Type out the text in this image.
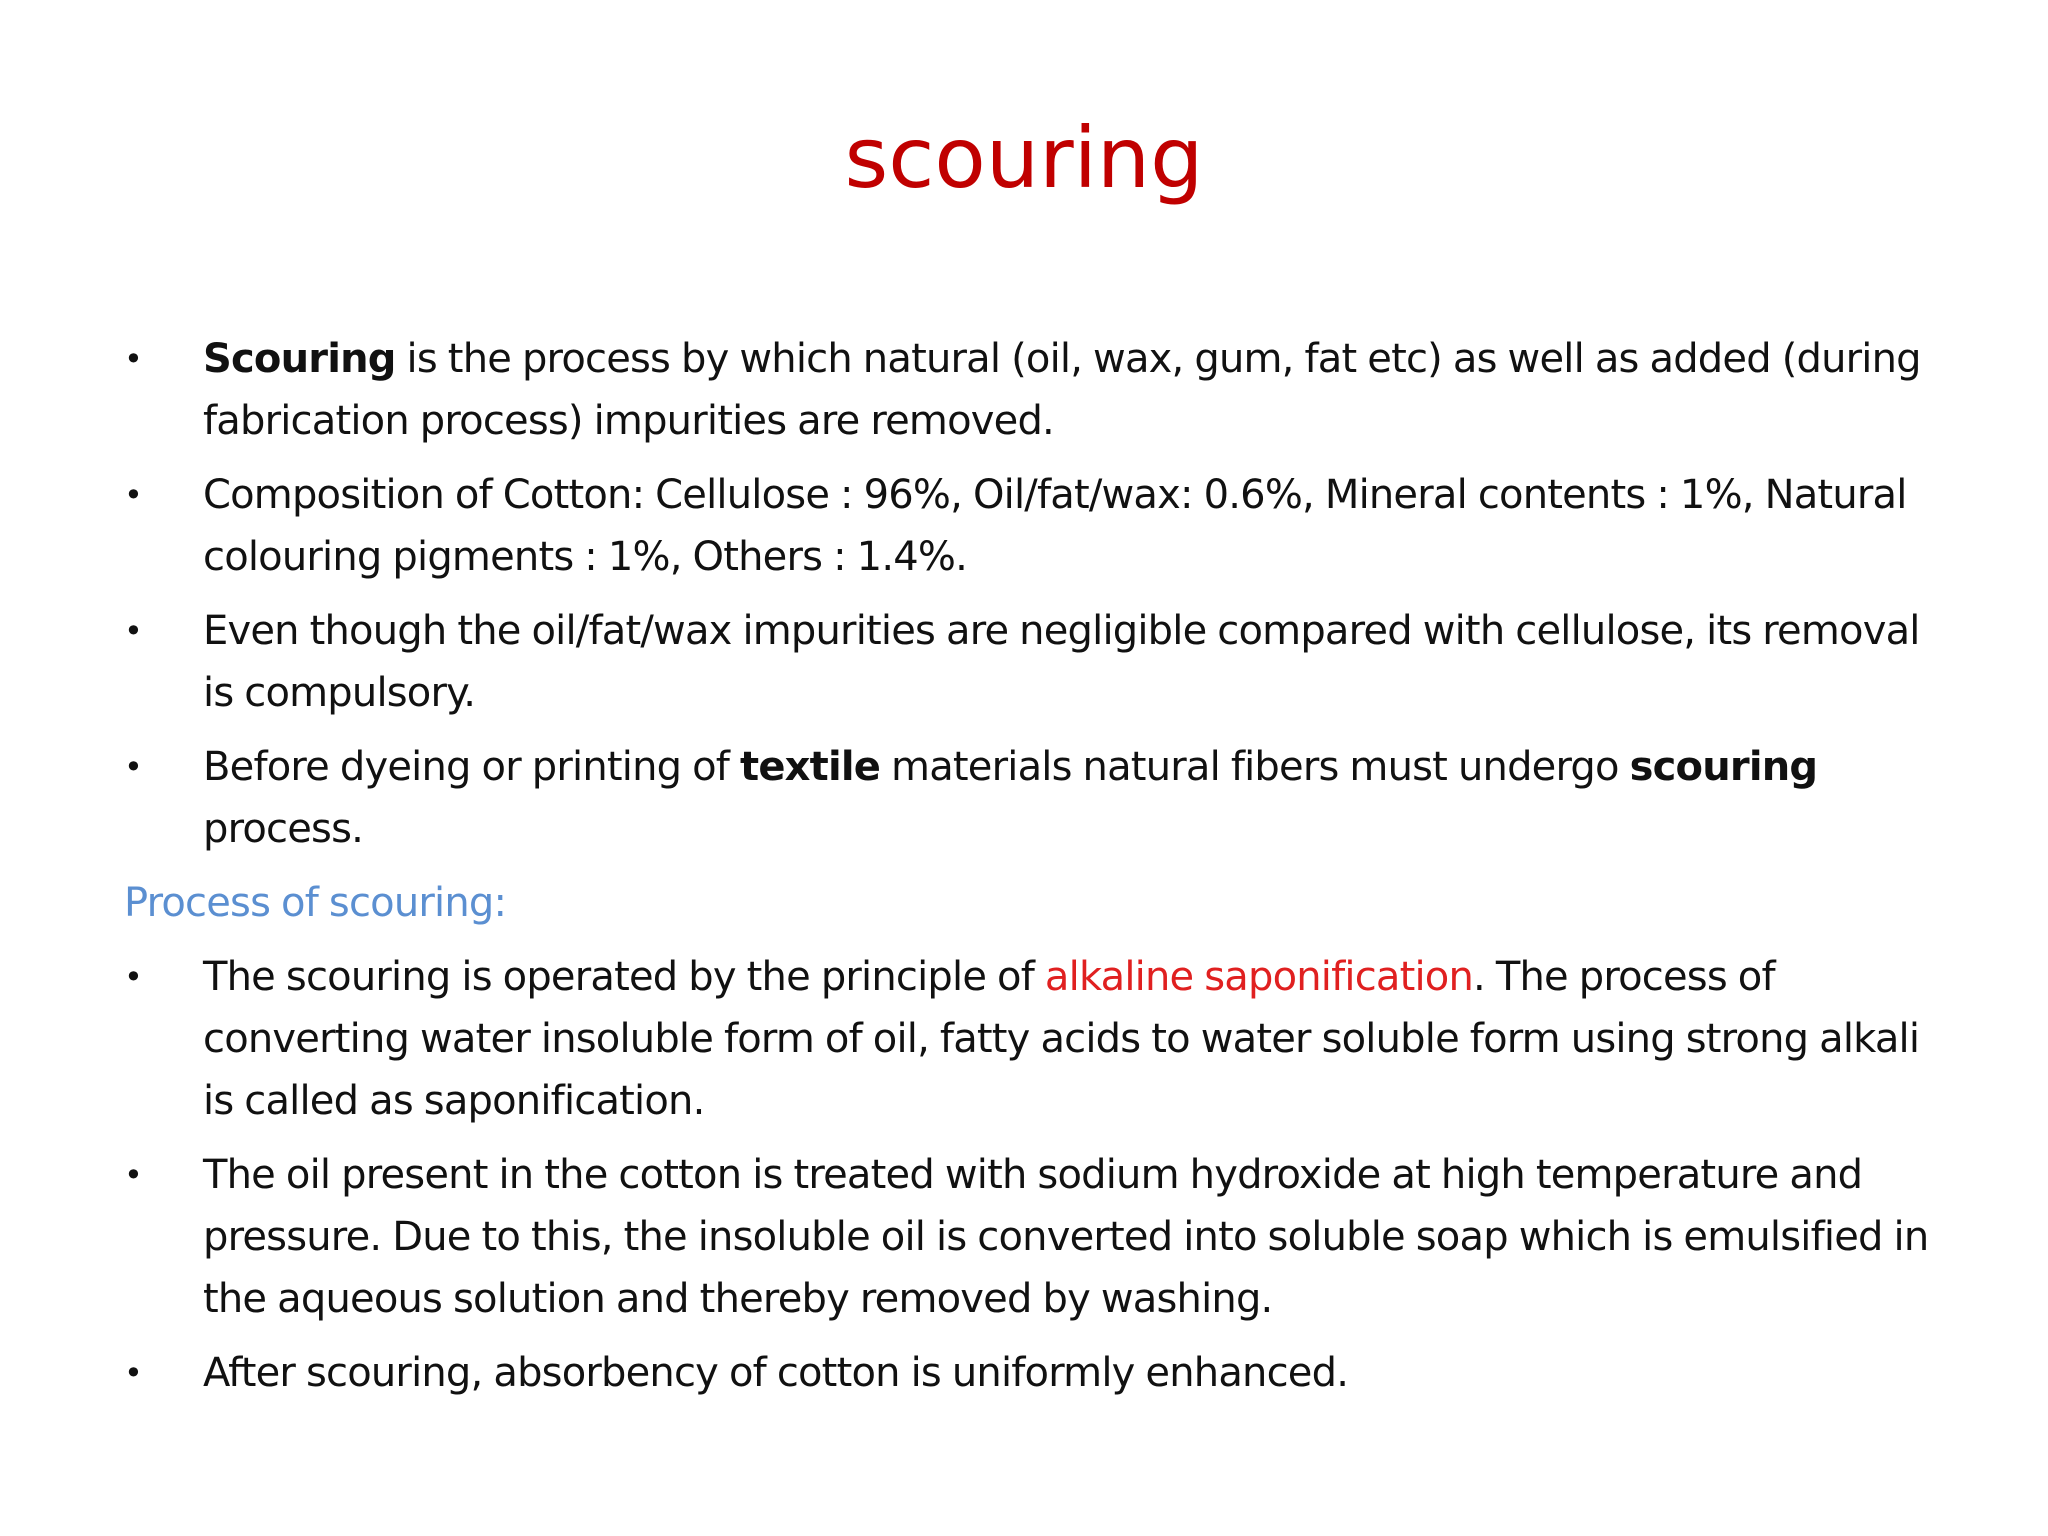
scouring
• Scouring is the process by which natural (oil, wax, gum, fat etc) as well as added (during fabrication process) impurities are removed.
• Composition of Cotton: Cellulose : 96%, Oil/fat/wax: 0.6%, Mineral contents : 1%, Natural colouring pigments : 1%, Others : 1.4%.
• Even though the oil/fat/wax impurities are negligible compared with cellulose, its removal is compulsory.
• Before dyeing or printing of textile materials natural fibers must undergo scouring process.
Process of scouring:
• The scouring is operated by the principle of alkaline saponification. The process of converting water insoluble form of oil, fatty acids to water soluble form using strong alkali is called as saponification.
• The oil present in the cotton is treated with sodium hydroxide at high temperature and pressure. Due to this, the insoluble oil is converted into soluble soap which is emulsified in the aqueous solution and thereby removed by washing.
• After scouring, absorbency of cotton is uniformly enhanced.
